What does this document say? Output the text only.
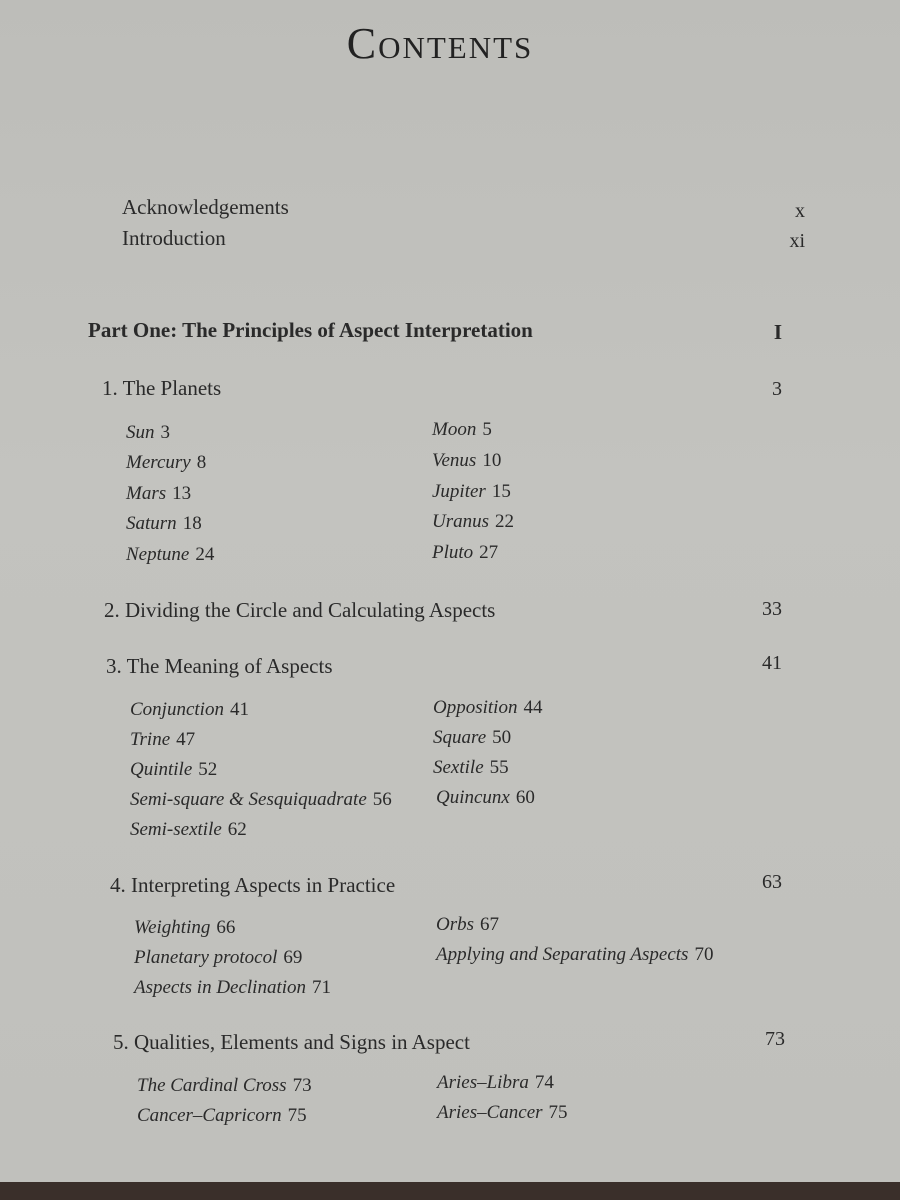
Contents
Acknowledgements	x
Introduction	xi
Part One: The Principles of Aspect Interpretation	I
1. The Planets	3
Sun 3	Moon 5
Mercury 8	Venus 10
Mars 13	Jupiter 15
Saturn 18	Uranus 22
Neptune 24	Pluto 27
2. Dividing the Circle and Calculating Aspects	33
3. The Meaning of Aspects	41
Conjunction 41	Opposition 44
Trine 47	Square 50
Quintile 52	Sextile 55
Semi-square & Sesquiquadrate 56 Quincunx 60
Semi-sextile 62
4. Interpreting Aspects in Practice	63
Weighting 66	Orbs 67
Planetary protocol 69	Applying and Separating Aspects 70
Aspects in Declination 71
5. Qualities, Elements and Signs in Aspect	73
The Cardinal Cross 73	Aries–Libra 74
Cancer–Capricorn 75	Aries–Cancer 75
